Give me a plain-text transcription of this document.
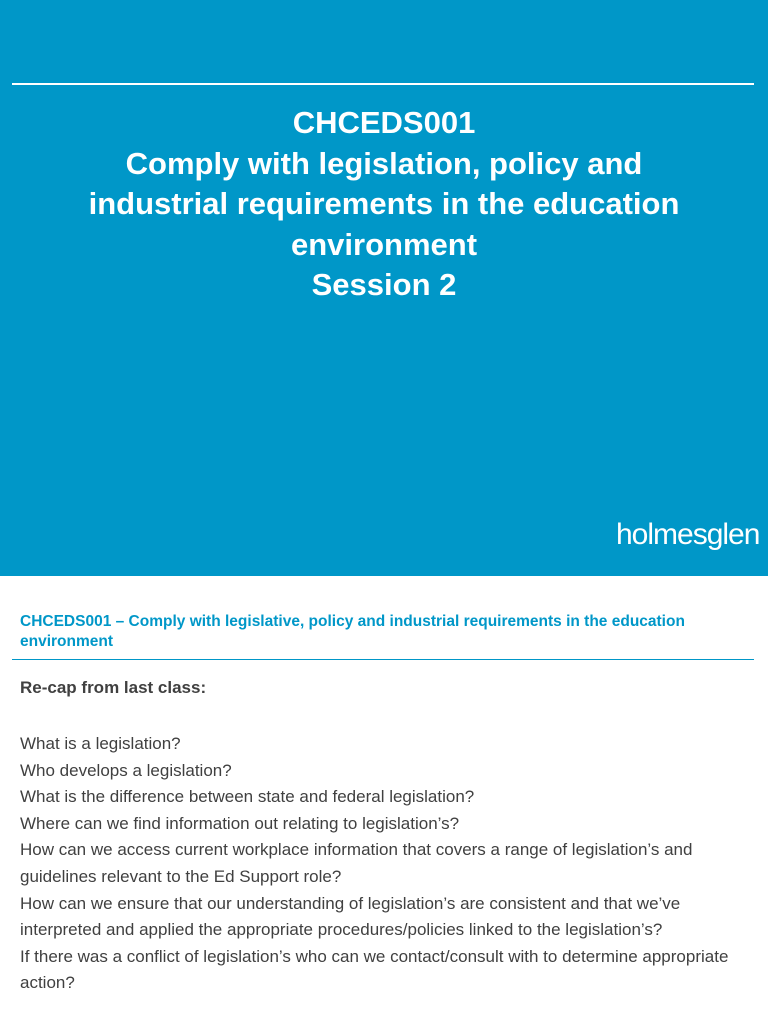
CHCEDS001
Comply with legislation, policy and
industrial requirements in the education
environment
Session 2
holmesglen
CHCEDS001 – Comply with legislative, policy and industrial requirements in the education environment
Re-cap from last class:
What is a legislation?
Who develops a legislation?
What is the difference between state and federal legislation?
Where can we find information out relating to legislation’s?
How can we access current workplace information that covers a range of legislation’s and guidelines relevant to the Ed Support role?
How can we ensure that our understanding of legislation’s are consistent and that we’ve interpreted and applied the appropriate procedures/policies linked to the legislation’s?
If there was a conflict of legislation’s who can we contact/consult with to determine appropriate action?
